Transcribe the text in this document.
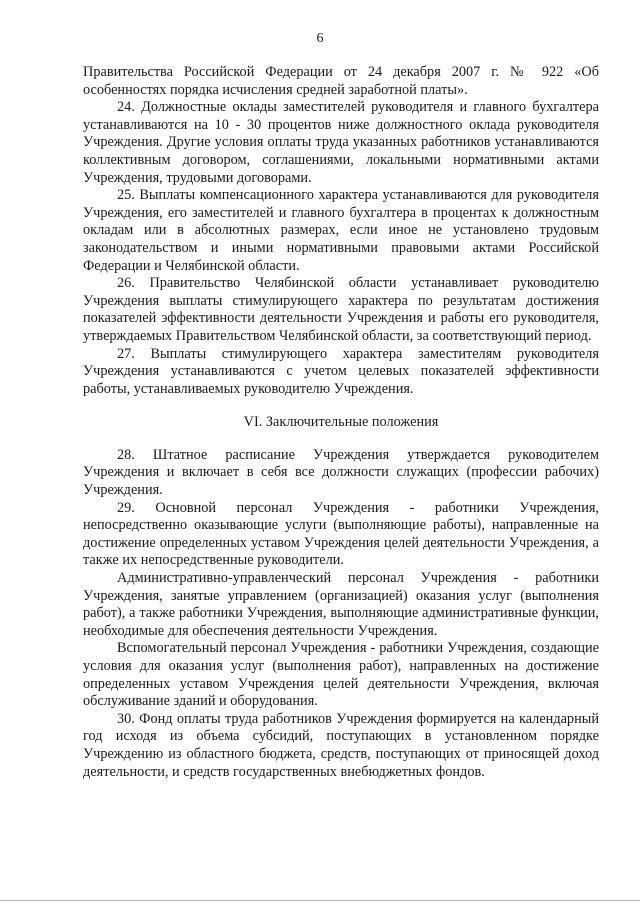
6

Правительства Российской Федерации от 24 декабря 2007 г. № 922 «Об особенностях порядка исчисления средней заработной платы».

24. Должностные оклады заместителей руководителя и главного бухгалтера устанавливаются на 10 - 30 процентов ниже должностного оклада руководителя Учреждения. Другие условия оплаты труда указанных работников устанавливаются коллективным договором, соглашениями, локальными нормативными актами Учреждения, трудовыми договорами.

25. Выплаты компенсационного характера устанавливаются для руководителя Учреждения, его заместителей и главного бухгалтера в процентах к должностным окладам или в абсолютных размерах, если иное не установлено трудовым законодательством и иными нормативными правовыми актами Российской Федерации и Челябинской области.

26. Правительство Челябинской области устанавливает руководителю Учреждения выплаты стимулирующего характера по результатам достижения показателей эффективности деятельности Учреждения и работы его руководителя, утверждаемых Правительством Челябинской области, за соответствующий период.

27. Выплаты стимулирующего характера заместителям руководителя Учреждения устанавливаются с учетом целевых показателей эффективности работы, устанавливаемых руководителю Учреждения.

VI. Заключительные положения

28. Штатное расписание Учреждения утверждается руководителем Учреждения и включает в себя все должности служащих (профессии рабочих) Учреждения.

29. Основной персонал Учреждения - работники Учреждения, непосредственно оказывающие услуги (выполняющие работы), направленные на достижение определенных уставом Учреждения целей деятельности Учреждения, а также их непосредственные руководители.

Административно-управленческий персонал Учреждения - работники Учреждения, занятые управлением (организацией) оказания услуг (выполнения работ), а также работники Учреждения, выполняющие административные функции, необходимые для обеспечения деятельности Учреждения.

Вспомогательный персонал Учреждения - работники Учреждения, создающие условия для оказания услуг (выполнения работ), направленных на достижение определенных уставом Учреждения целей деятельности Учреждения, включая обслуживание зданий и оборудования.

30. Фонд оплаты труда работников Учреждения формируется на календарный год исходя из объема субсидий, поступающих в установленном порядке Учреждению из областного бюджета, средств, поступающих от приносящей доход деятельности, и средств государственных внебюджетных фондов.
